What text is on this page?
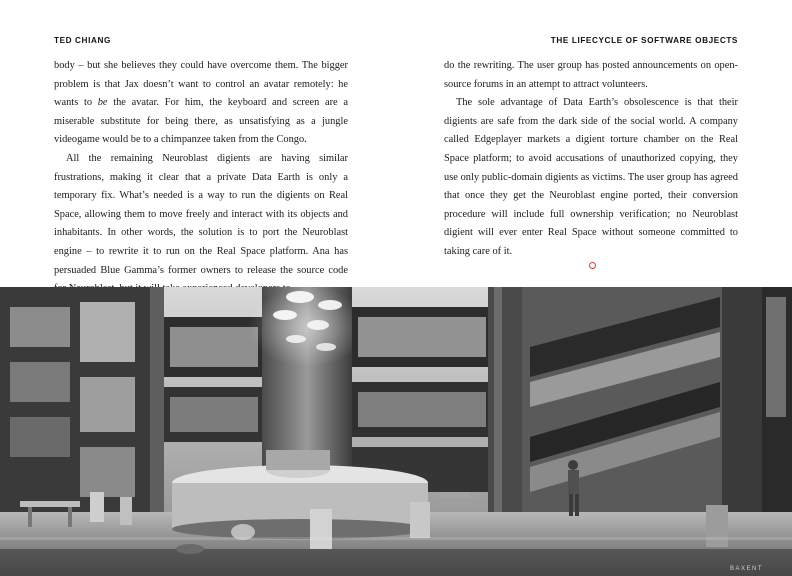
TED CHIANG	THE LIFECYCLE OF SOFTWARE OBJECTS

body – but she believes they could have overcome them. The bigger problem is that Jax doesn’t want to control an avatar remotely: he wants to be the avatar. For him, the keyboard and screen are a miserable substitute for being there, as unsatisfying as a jungle videogame would be to a chimpanzee taken from the Congo.

All the remaining Neuroblast digients are having similar frustrations, making it clear that a private Data Earth is only a temporary fix. What’s needed is a way to run the digients on Real Space, allowing them to move freely and interact with its objects and inhabitants. In other words, the solution is to port the Neuroblast engine – to rewrite it to run on the Real Space platform. Ana has persuaded Blue Gamma’s former owners to release the source code

do the rewriting. The user group has posted announcements on open-source forums in an attempt to attract volunteers.

The sole advantage of Data Earth’s obsolescence is that their digients are safe from the dark side of the social world. A company called Edgeplayer markets a digient torture chamber on the Real Space platform; to avoid accusations of unauthorized copying, they use only public-domain digients as victims. The user group has agreed that once they get the Neuroblast engine ported, their conversion procedure will include full ownership verification; no Neuroblast digient will ever enter Real Space without someone committed to taking care of it.

BAXENT
